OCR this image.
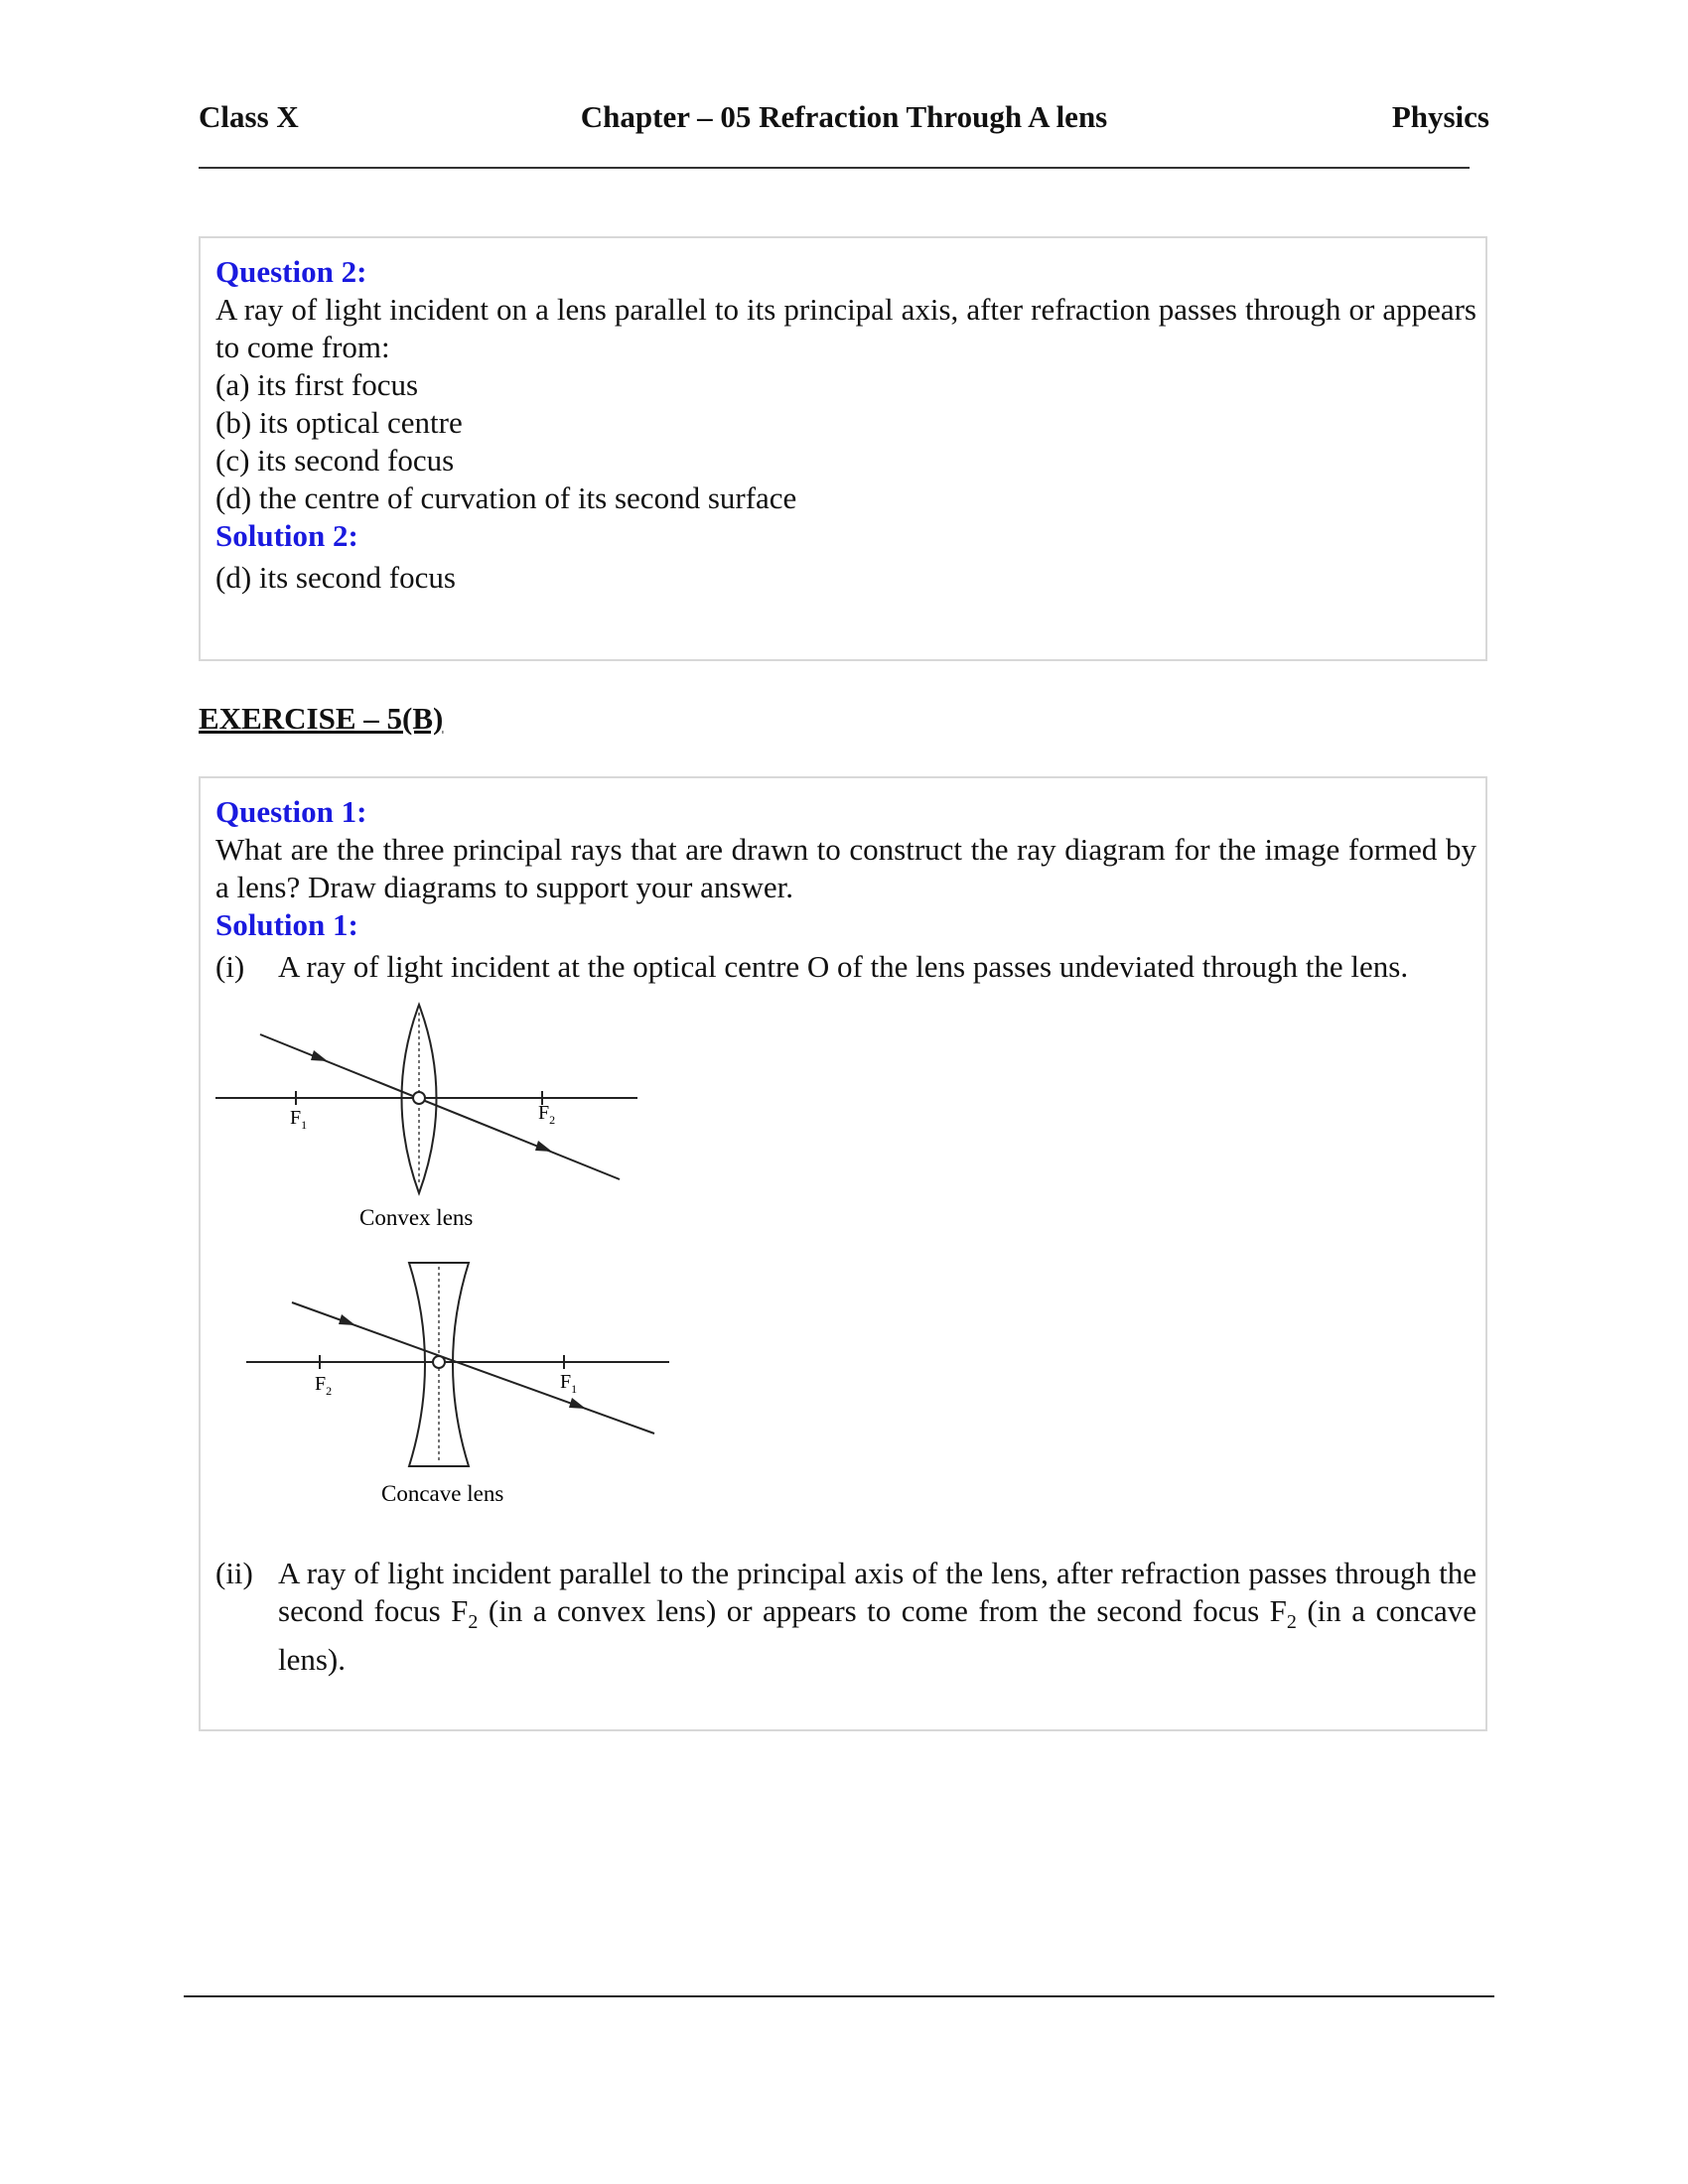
Class X	Chapter – 05 Refraction Through A lens	Physics
Question 2:
A ray of light incident on a lens parallel to its principal axis, after refraction passes through or appears to come from:
(a) its first focus
(b) its optical centre
(c) its second focus
(d) the centre of curvation of its second surface
Solution 2:
(d) its second focus
EXERCISE – 5(B)
Question 1:
What are the three principal rays that are drawn to construct the ray diagram for the image formed by a lens? Draw diagrams to support your answer.
Solution 1:
(i) A ray of light incident at the optical centre O of the lens passes undeviated through the lens.
$F_1$
$F_2$
Convex lens
$F_2$	$F_1$
Concave lens
(ii) A ray of light incident parallel to the principal axis of the lens, after refraction passes through the second focus $F_2$ (in a convex lens) or appears to come from the second focus $F_2$ (in a concave lens).
